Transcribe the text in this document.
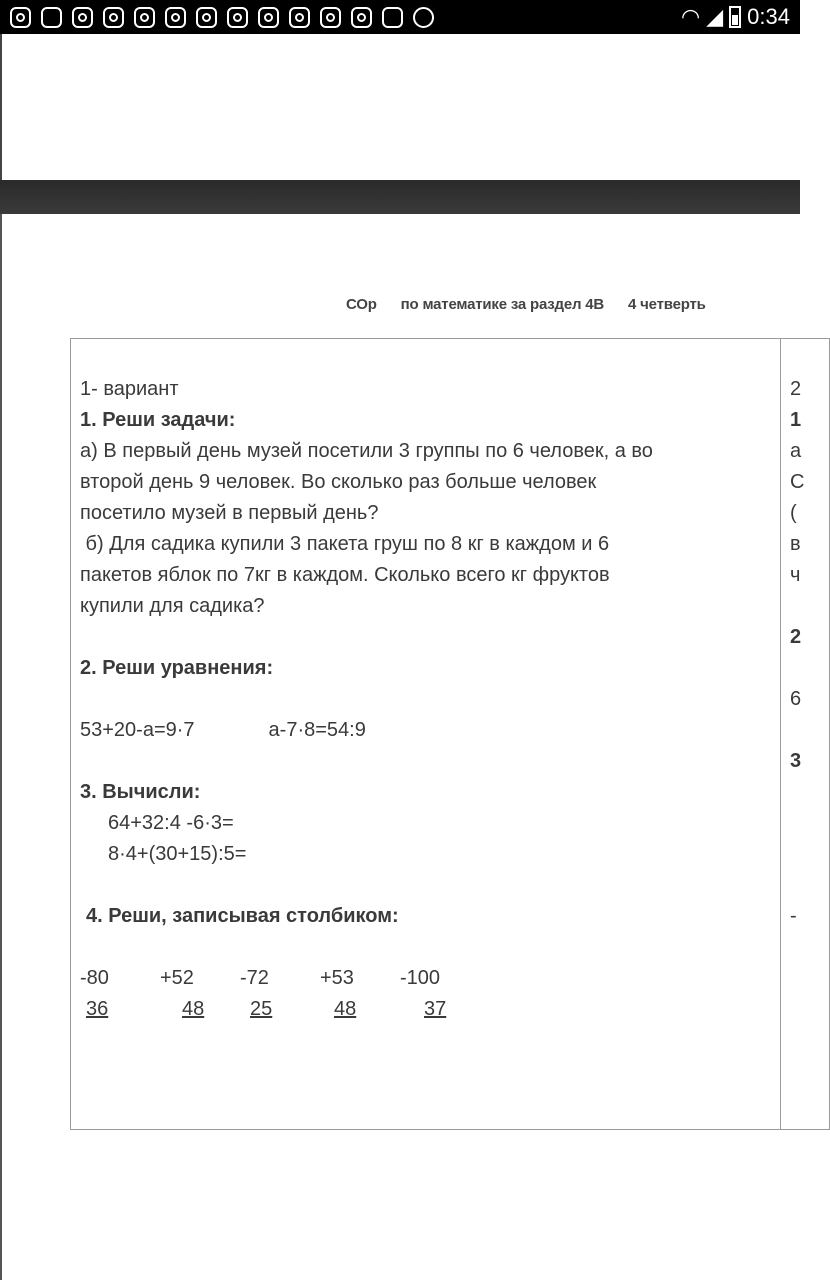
◠ ◢ 0:34
СОр по математике за раздел 4В 4 четверть
1- вариант
1. Реши задачи:
а) В первый день музей посетили 3 группы по 6 человек, а во
второй день 9 человек. Во сколько раз больше человек
посетило музей в первый день?
б) Для садика купили 3 пакета груш по 8 кг в каждом и 6
пакетов яблок по 7кг в каждом. Сколько всего кг фруктов
купили для садика?
2. Реши уравнения:
53+20-а=9·7	а-7·8=54:9
3. Вычисли:
64+32:4 -6·3=
8·4+(30+15):5=
4. Реши, записывая столбиком:
-80	+52	-72	+53	-100
36	48	25	48	37
2
1
а
С
(
в
ч
2
6
3
-
